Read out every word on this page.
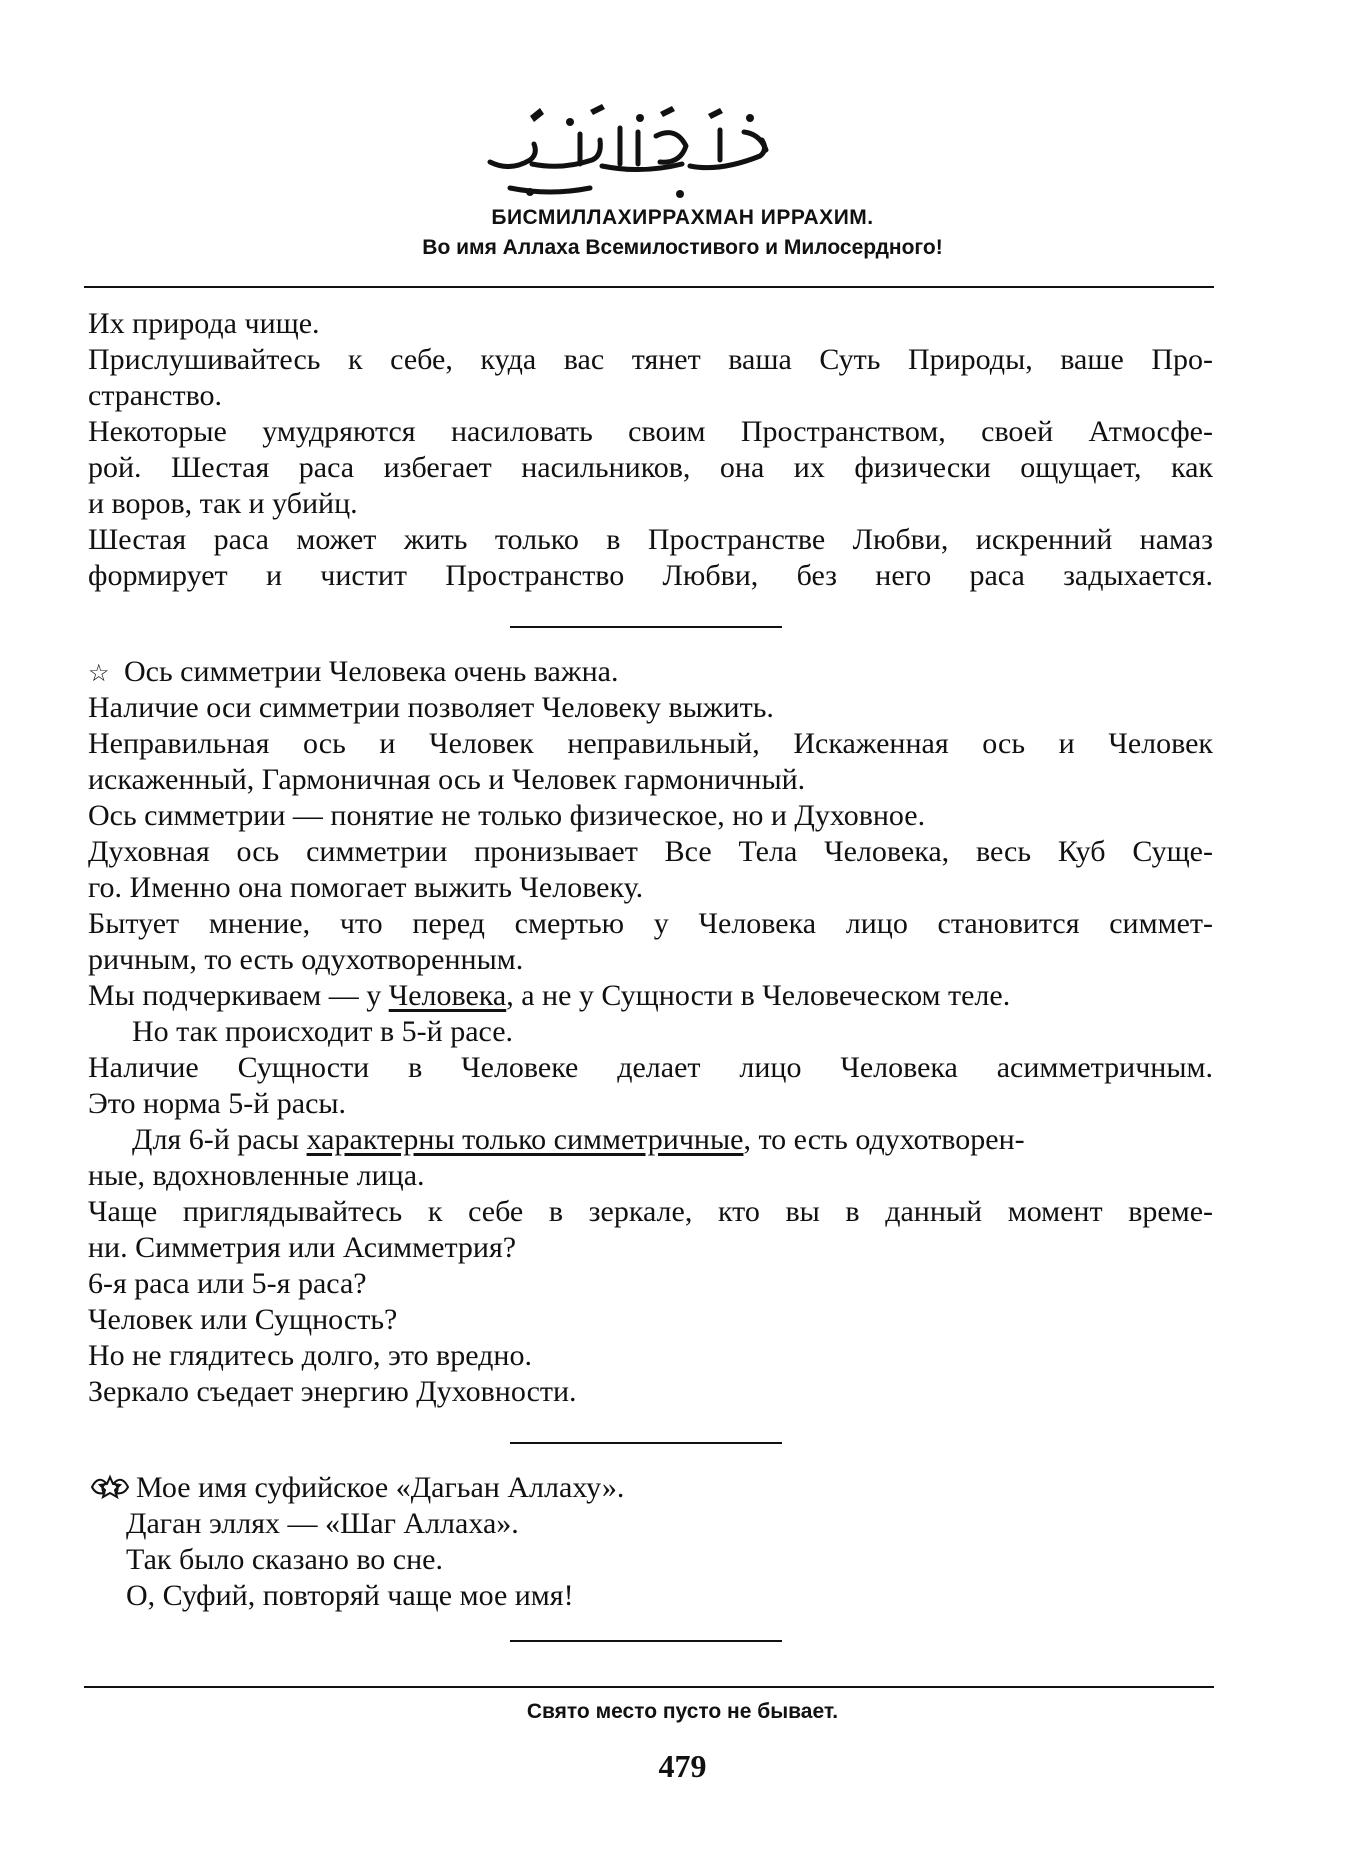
БИСМИЛЛАХИРРАХМАН ИРРАХИМ.
Во имя Аллаха Всемилостивого и Милосердного!
Их природа чище.
Прислушивайтесь к себе, куда вас тянет ваша Суть Природы, ваше Про-
странство.
Некоторые умудряются насиловать своим Пространством, своей Атмосфе-
рой. Шестая раса избегает насильников, она их физически ощущает, как
и воров, так и убийц.
Шестая раса может жить только в Пространстве Любви, искренний намаз
формирует и чистит Пространство Любви, без него раса задыхается.
☆ Ось симметрии Человека очень важна.
Наличие оси симметрии позволяет Человеку выжить.
Неправильная ось и Человек неправильный, Искаженная ось и Человек
искаженный, Гармоничная ось и Человек гармоничный.
Ось симметрии — понятие не только физическое, но и Духовное.
Духовная ось симметрии пронизывает Все Тела Человека, весь Куб Суще-
го. Именно она помогает выжить Человеку.
Бытует мнение, что перед смертью у Человека лицо становится симмет-
ричным, то есть одухотворенным.
Мы подчеркиваем — у Человека, а не у Сущности в Человеческом теле.
Но так происходит в 5-й расе.
Наличие Сущности в Человеке делает лицо Человека асимметричным.
Это норма 5-й расы.
Для 6-й расы характерны только симметричные, то есть одухотворен-
ные, вдохновленные лица.
Чаще приглядывайтесь к себе в зеркале, кто вы в данный момент време-
ни. Симметрия или Асимметрия?
6-я раса или 5-я раса?
Человек или Сущность?
Но не глядитесь долго, это вредно.
Зеркало съедает энергию Духовности.
Мое имя суфийское «Дагьан Аллаху».
Даган эллях — «Шаг Аллаха».
Так было сказано во сне.
О, Суфий, повторяй чаще мое имя!
Свято место пусто не бывает.
479
